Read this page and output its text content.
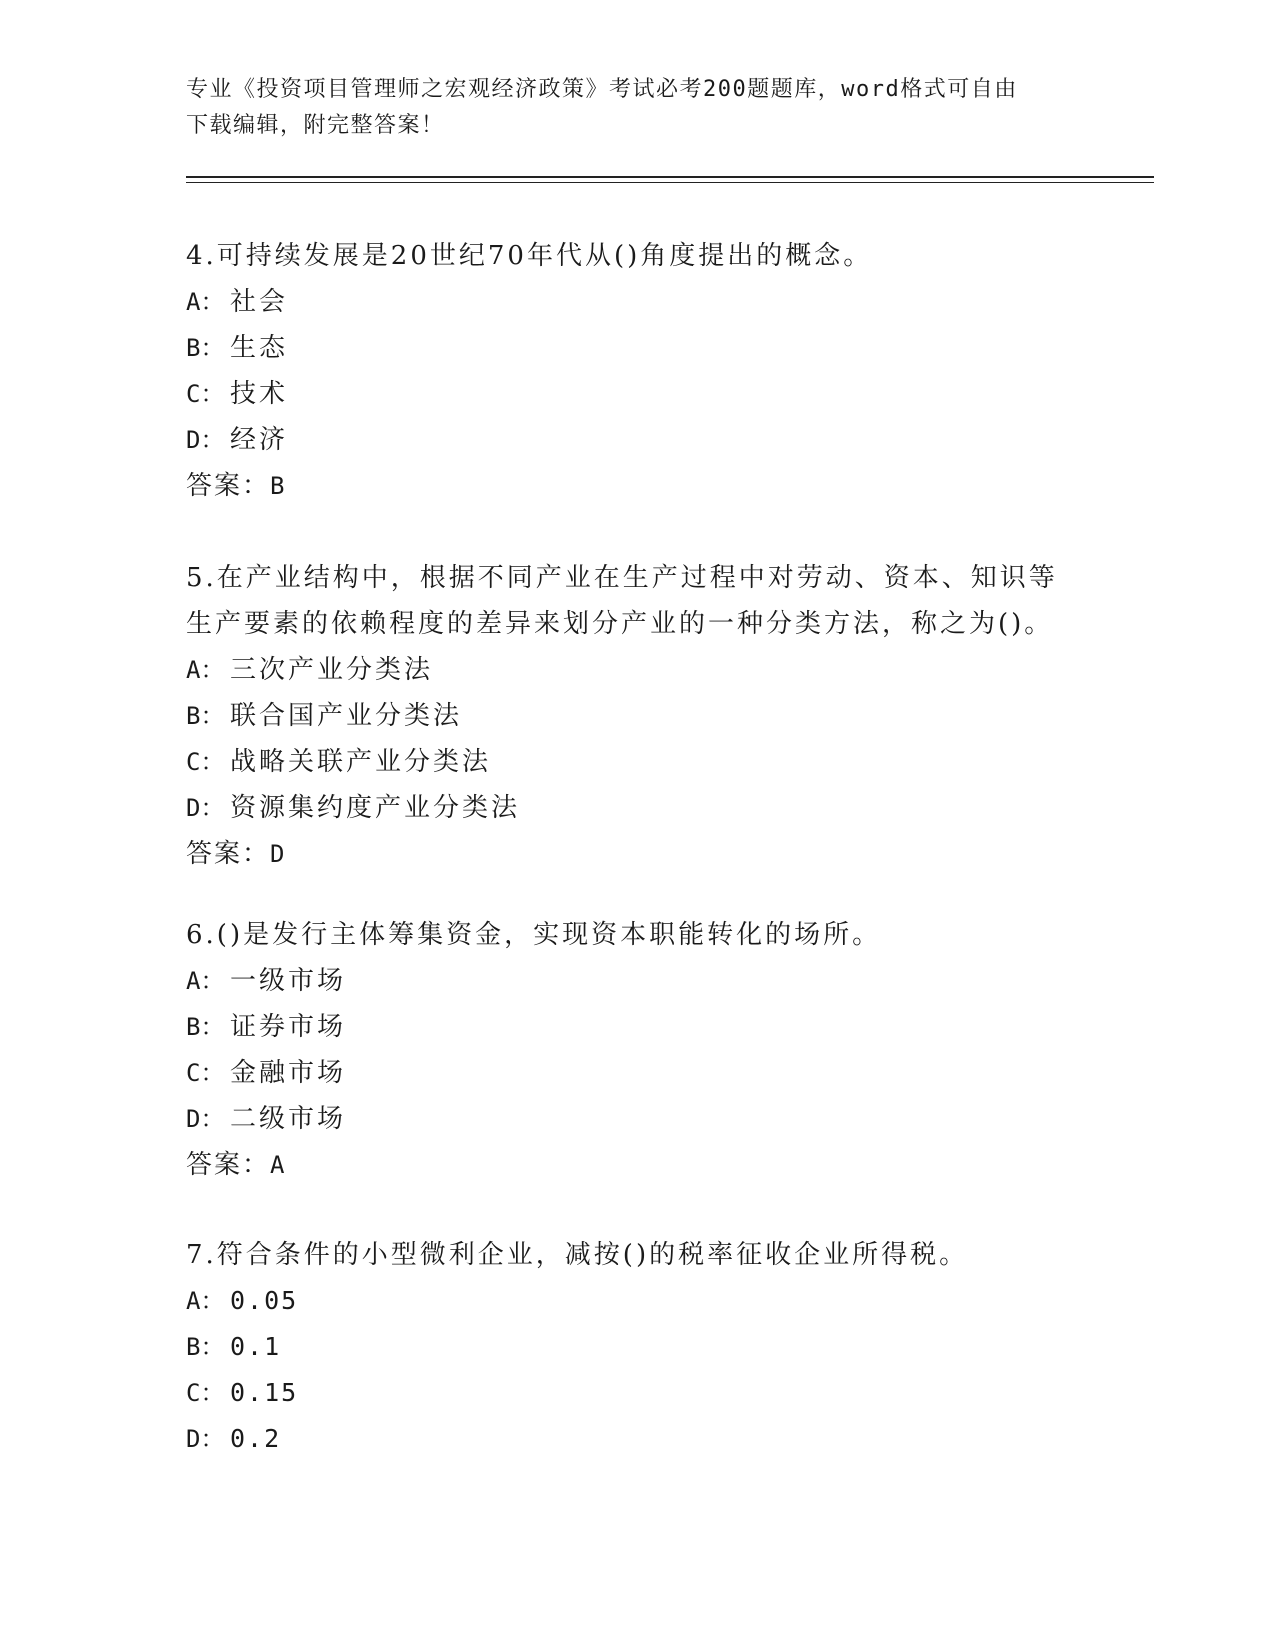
专业《投资项目管理师之宏观经济政策》考试必考200题题库，word格式可自由
下载编辑，附完整答案！

4.可持续发展是20世纪70年代从()角度提出的概念。

A： 社会

B： 生态

C： 技术

D： 经济

答案：B

5.在产业结构中，根据不同产业在生产过程中对劳动、资本、知识等

生产要素的依赖程度的差异来划分产业的一种分类方法，称之为()。

A： 三次产业分类法

B： 联合国产业分类法

C： 战略关联产业分类法

D： 资源集约度产业分类法

答案：D

6.()是发行主体筹集资金，实现资本职能转化的场所。

A： 一级市场

B： 证券市场

C： 金融市场

D： 二级市场

答案：A

7.符合条件的小型微利企业，减按()的税率征收企业所得税。

A： 0.05

B： 0.1

C： 0.15

D： 0.2
